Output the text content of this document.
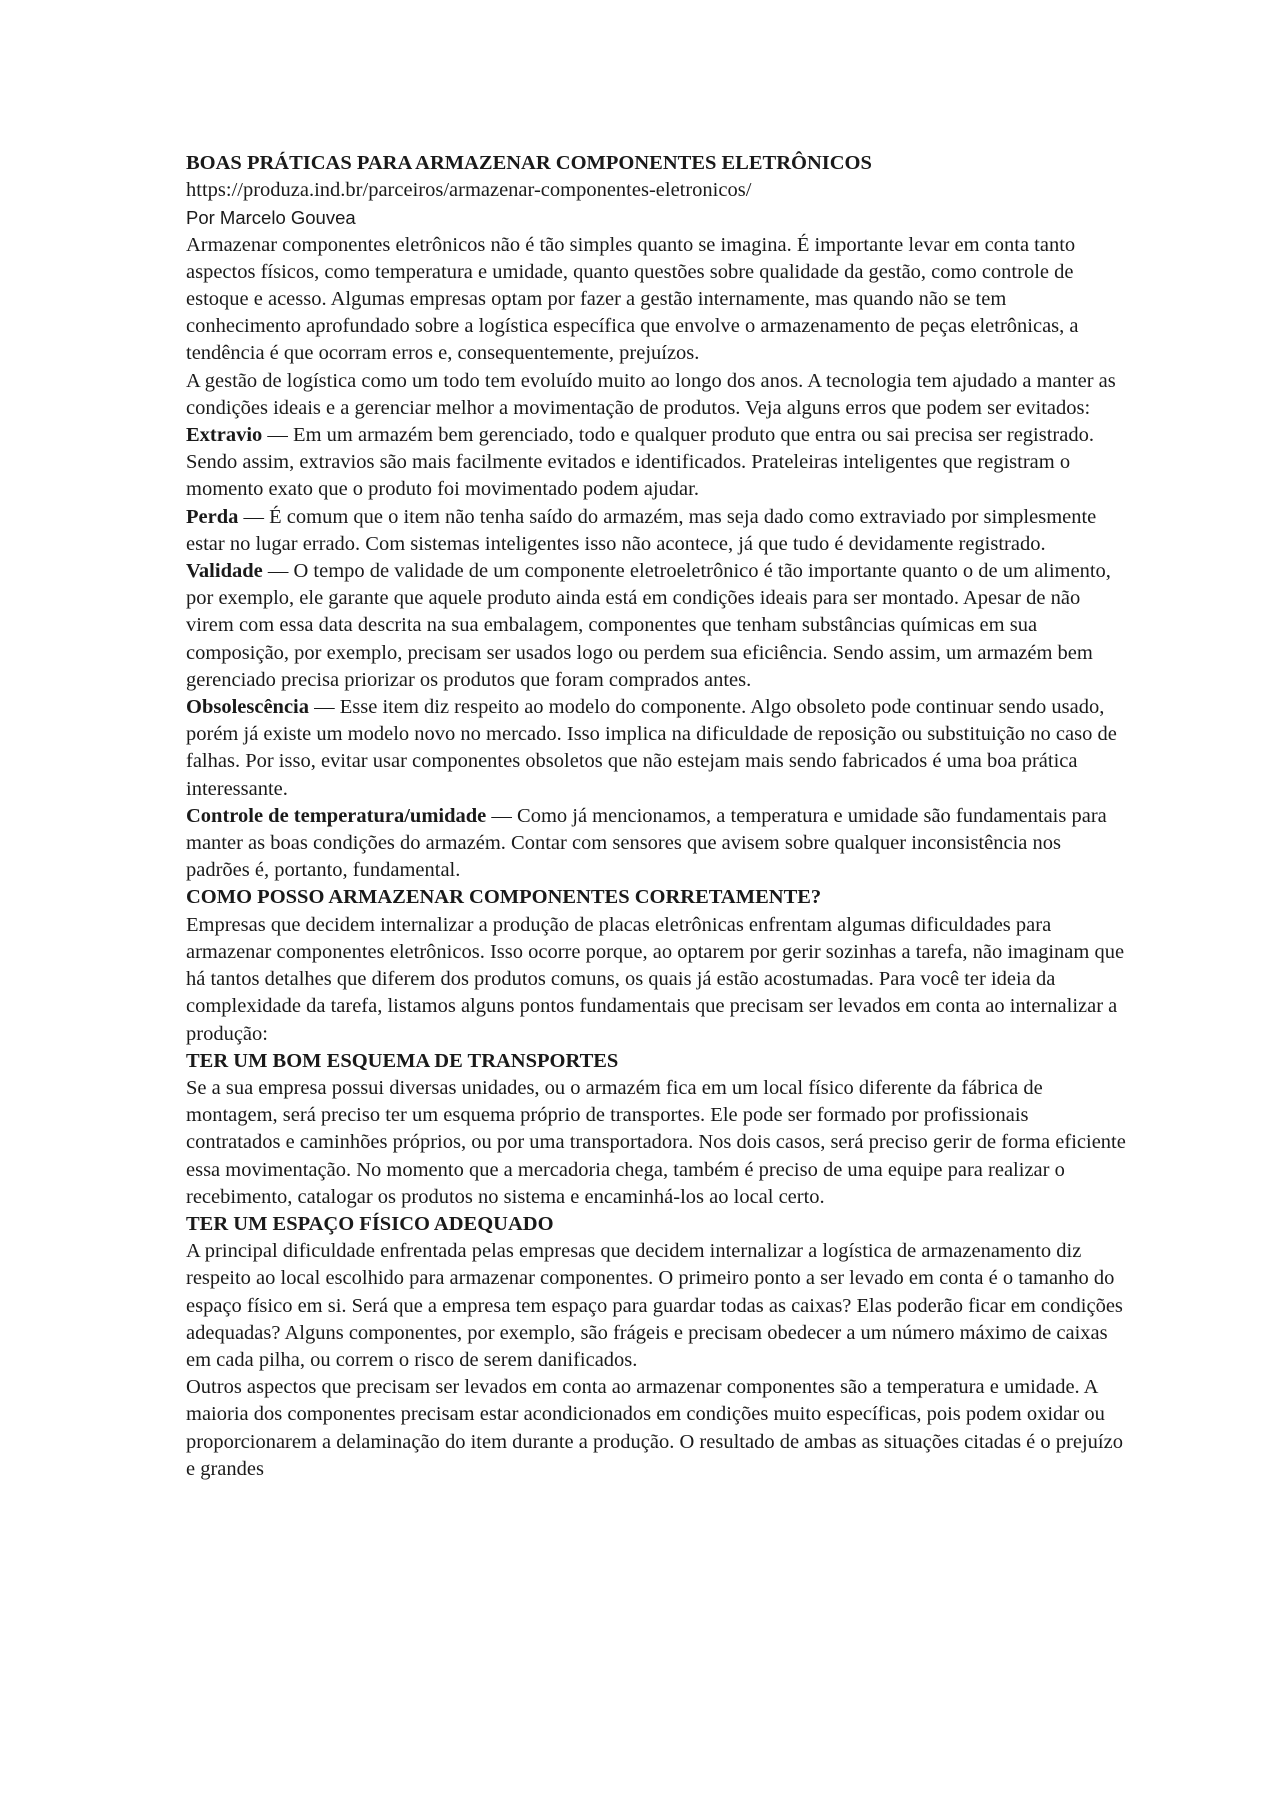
BOAS PRÁTICAS PARA ARMAZENAR COMPONENTES ELETRÔNICOS
https://produza.ind.br/parceiros/armazenar-componentes-eletronicos/
Por Marcelo Gouvea

Armazenar componentes eletrônicos não é tão simples quanto se imagina. É importante levar em conta tanto aspectos físicos, como temperatura e umidade, quanto questões sobre qualidade da gestão, como controle de estoque e acesso. Algumas empresas optam por fazer a gestão internamente, mas quando não se tem conhecimento aprofundado sobre a logística específica que envolve o armazenamento de peças eletrônicas, a tendência é que ocorram erros e, consequentemente, prejuízos.

A gestão de logística como um todo tem evoluído muito ao longo dos anos. A tecnologia tem ajudado a manter as condições ideais e a gerenciar melhor a movimentação de produtos. Veja alguns erros que podem ser evitados:

Extravio — Em um armazém bem gerenciado, todo e qualquer produto que entra ou sai precisa ser registrado. Sendo assim, extravios são mais facilmente evitados e identificados. Prateleiras inteligentes que registram o momento exato que o produto foi movimentado podem ajudar.

Perda — É comum que o item não tenha saído do armazém, mas seja dado como extraviado por simplesmente estar no lugar errado. Com sistemas inteligentes isso não acontece, já que tudo é devidamente registrado.

Validade — O tempo de validade de um componente eletroeletrônico é tão importante quanto o de um alimento, por exemplo, ele garante que aquele produto ainda está em condições ideais para ser montado. Apesar de não virem com essa data descrita na sua embalagem, componentes que tenham substâncias químicas em sua composição, por exemplo, precisam ser usados logo ou perdem sua eficiência. Sendo assim, um armazém bem gerenciado precisa priorizar os produtos que foram comprados antes.

Obsolescência — Esse item diz respeito ao modelo do componente. Algo obsoleto pode continuar sendo usado, porém já existe um modelo novo no mercado. Isso implica na dificuldade de reposição ou substituição no caso de falhas. Por isso, evitar usar componentes obsoletos que não estejam mais sendo fabricados é uma boa prática interessante.

Controle de temperatura/umidade — Como já mencionamos, a temperatura e umidade são fundamentais para manter as boas condições do armazém. Contar com sensores que avisem sobre qualquer inconsistência nos padrões é, portanto, fundamental.

COMO POSSO ARMAZENAR COMPONENTES CORRETAMENTE?

Empresas que decidem internalizar a produção de placas eletrônicas enfrentam algumas dificuldades para armazenar componentes eletrônicos. Isso ocorre porque, ao optarem por gerir sozinhas a tarefa, não imaginam que há tantos detalhes que diferem dos produtos comuns, os quais já estão acostumadas. Para você ter ideia da complexidade da tarefa, listamos alguns pontos fundamentais que precisam ser levados em conta ao internalizar a produção:

TER UM BOM ESQUEMA DE TRANSPORTES

Se a sua empresa possui diversas unidades, ou o armazém fica em um local físico diferente da fábrica de montagem, será preciso ter um esquema próprio de transportes. Ele pode ser formado por profissionais contratados e caminhões próprios, ou por uma transportadora. Nos dois casos, será preciso gerir de forma eficiente essa movimentação. No momento que a mercadoria chega, também é preciso de uma equipe para realizar o recebimento, catalogar os produtos no sistema e encaminhá-los ao local certo.

TER UM ESPAÇO FÍSICO ADEQUADO

A principal dificuldade enfrentada pelas empresas que decidem internalizar a logística de armazenamento diz respeito ao local escolhido para armazenar componentes. O primeiro ponto a ser levado em conta é o tamanho do espaço físico em si. Será que a empresa tem espaço para guardar todas as caixas? Elas poderão ficar em condições adequadas? Alguns componentes, por exemplo, são frágeis e precisam obedecer a um número máximo de caixas em cada pilha, ou correm o risco de serem danificados.

Outros aspectos que precisam ser levados em conta ao armazenar componentes são a temperatura e umidade. A maioria dos componentes precisam estar acondicionados em condições muito específicas, pois podem oxidar ou proporcionarem a delaminação do item durante a produção. O resultado de ambas as situações citadas é o prejuízo e grandes
